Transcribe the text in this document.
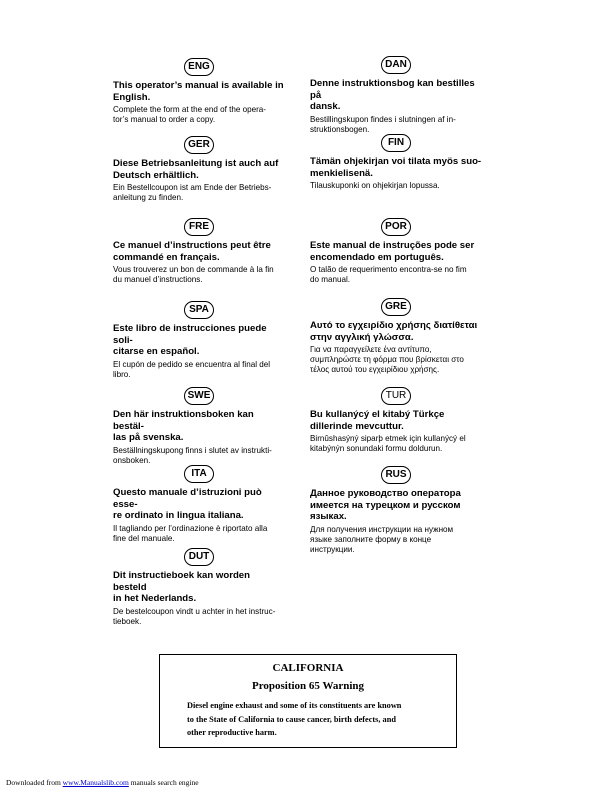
ENG

This operator’s manual is available in
English.

Complete the form at the end of the opera-
tor’s manual to order a copy.

GER

Diese Betriebsanleitung ist auch auf
Deutsch erhältlich.

Ein Bestellcoupon ist am Ende der Betriebs-
anleitung zu finden.

FRE

Ce manuel d’instructions peut être
commandé en français.

Vous trouverez un bon de commande à la fin
du manuel d’instructions.

SPA

Este libro de instrucciones puede soli-
citarse en español.

El cupón de pedido se encuentra al final del
libro.

SWE

Den här instruktionsboken kan bestäl-
las på svenska.

Beställningskupong finns i slutet av instrukti-
onsboken.

ITA

Questo manuale d’istruzioni può esse-
re ordinato in lingua italiana.

Il tagliando per l’ordinazione è riportato alla
fine del manuale.

DUT

Dit instructieboek kan worden besteld
in het Nederlands.

De bestelcoupon vindt u achter in het instruc-
tieboek.

DAN

Denne instruktionsbog kan bestilles på
dansk.

Bestillingskupon findes i slutningen af in-
struktionsbogen.

FIN

Tämän ohjekirjan voi tilata myös suo-
menkielisenä.

Tilauskuponki on ohjekirjan lopussa.

POR

Este manual de instruções pode ser
encomendado em português.

O talão de requerimento encontra-se no fim
do manual.

GRE

Αυτό το εγχειρίδιο χρήσης διατίθεται
στην αγγλική γλώσσα.

Για να παραγγείλετε ένα αντίτυπο,
συμπληρώστε τη φόρμα που βρίσκεται στο
τέλος αυτού του εγχειρίδιου χρήσης.

TUR

Bu kullanýcý el kitabý Türkçe
dillerinde mevcuttur.

Birnûshasýný siparþ etmek için kullanýcý el
kitabýnýn sonundaki formu doldurun.

RUS

Данное руководство оператора
имеется на турецком и русском
языках.

Для получения инструкции на нужном
языке заполните форму в конце
инструкции.

CALIFORNIA
Proposition 65 Warning
Diesel engine exhaust and some of its constituents are known
to the State of California to cause cancer, birth defects, and
other reproductive harm.
Downloaded from www.Manualslib.com manuals search engine
